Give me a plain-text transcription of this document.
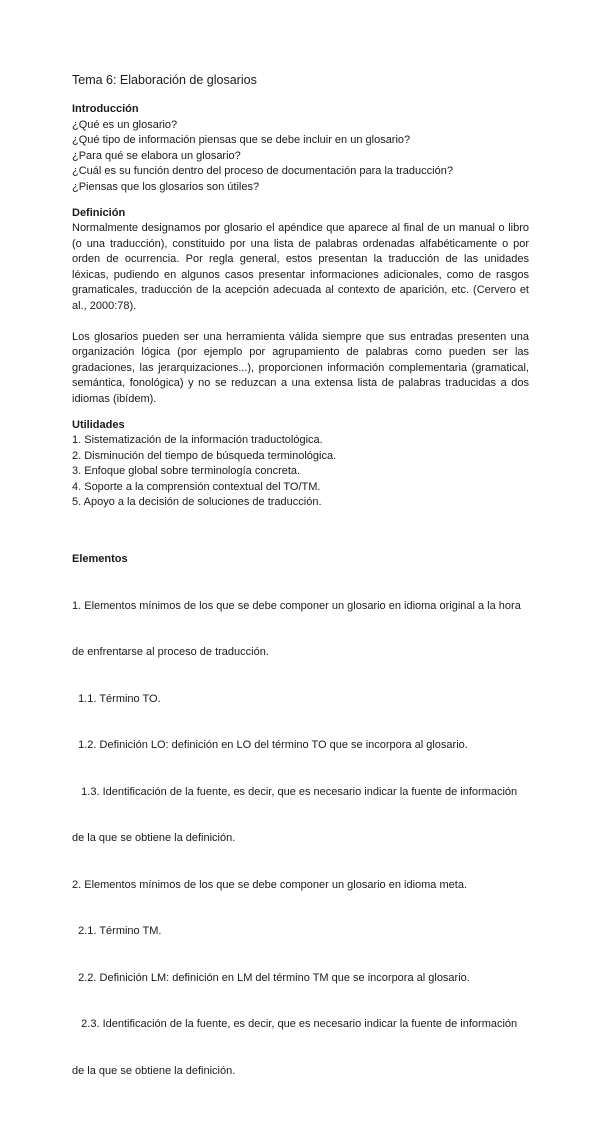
Tema 6: Elaboración de glosarios
Introducción
¿Qué es un glosario?
¿Qué tipo de información piensas que se debe incluir en un glosario?
¿Para qué se elabora un glosario?
¿Cuál es su función dentro del proceso de documentación para la traducción?
¿Piensas que los glosarios son útiles?
Definición
Normalmente designamos por glosario el apéndice que aparece al final de un manual o libro
(o una traducción), constituido por una lista de palabras ordenadas alfabéticamente o por
orden de ocurrencia. Por regla general, estos presentan la traducción de las unidades
léxicas, pudiendo en algunos casos presentar informaciones adicionales, como de rasgos
gramaticales, traducción de la acepción adecuada al contexto de aparición, etc. (Cervero et
al., 2000:78).
Los glosarios pueden ser una herramienta válida siempre que sus entradas presenten una
organización lógica (por ejemplo por agrupamiento de palabras como pueden ser las
gradaciones, las jerarquizaciones...), proporcionen información complementaria (gramatical,
semántica, fonológica) y no se reduzcan a una extensa lista de palabras traducidas a dos
idiomas (ibídem).
Utilidades
1. Sistematización de la información traductológica.
2. Disminución del tiempo de búsqueda terminológica.
3. Enfoque global sobre terminología concreta.
4. Soporte a la comprensión contextual del TO/TM.
5. Apoyo a la decisión de soluciones de traducción.

Elementos

1. Elementos mínimos de los que se debe componer un glosario en idioma original a la hora

de enfrentarse al proceso de traducción.

1.1. Término TO.

1.2. Definición LO: definición en LO del término TO que se incorpora al glosario.

1.3. Identificación de la fuente, es decir, que es necesario indicar la fuente de información

de la que se obtiene la definición.

2. Elementos mínimos de los que se debe componer un glosario en idioma meta.

2.1. Término TM.

2.2. Definición LM: definición en LM del término TM que se incorpora al glosario.

2.3. Identificación de la fuente, es decir, que es necesario indicar la fuente de información

de la que se obtiene la definición.
